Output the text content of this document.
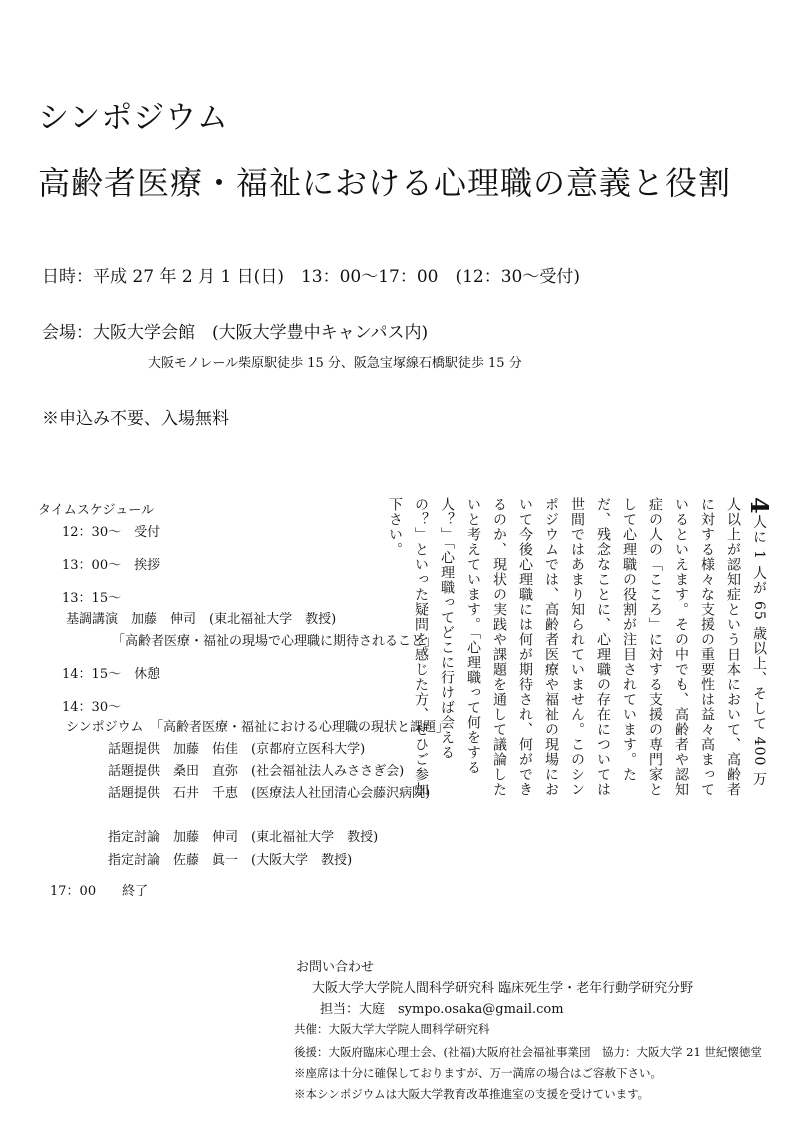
シンポジウム
高齢者医療・福祉における心理職の意義と役割
日時：平成 27 年 2 月 1 日(日)　13：00～17：00　(12：30～受付)
会場：大阪大学会館　(大阪大学豊中キャンパス内)
大阪モノレール柴原駅徒歩 15 分、阪急宝塚線石橋駅徒歩 15 分
※申込み不要、入場無料
タイムスケジュール
12：30～　受付
13：00～　挨拶
13：15～
基調講演　加藤　伸司　(東北福祉大学　教授)
「高齢者医療・福祉の現場で心理職に期待されること」
14：15～　休憩
14：30～
シンポジウム　「高齢者医療・福祉における心理職の現状と課題」
話題提供　加藤　佑佳　(京都府立医科大学)
話題提供　桑田　直弥　(社会福祉法人みささぎ会)
話題提供　石井　千恵　(医療法人社団清心会藤沢病院)
指定討論　加藤　伸司　(東北福祉大学　教授)
指定討論　佐藤　眞一　(大阪大学　教授)
17：00　　終了
4人に 1 人が 65 歳以上、そして 400 万人以上が認知症という日本において、高齢者に対する様々な支援の重要性は益々高まっているといえます。その中でも、高齢者や認知症の人の「こころ」に対する支援の専門家として心理職の役割が注目されています。ただ、残念なことに、心理職の存在については世間ではあまり知られていません。このシンポジウムでは、高齢者医療や福祉の現場において今後心理職には何が期待され、何ができるのか、現状の実践や課題を通して議論したいと考えています。「心理職って何をする人？」「心理職ってどこに行けば会えるの？」といった疑問を感じた方、ぜひご参加下さい。
お問い合わせ
大阪大学大学院人間科学研究科 臨床死生学・老年行動学研究分野
担当：大庭　sympo.osaka@gmail.com
共催：大阪大学大学院人間科学研究科
後援：大阪府臨床心理士会、(社福)大阪府社会福祉事業団　協力：大阪大学 21 世紀懐徳堂
※座席は十分に確保しておりますが、万一満席の場合はご容赦下さい。
※本シンポジウムは大阪大学教育改革推進室の支援を受けています。
